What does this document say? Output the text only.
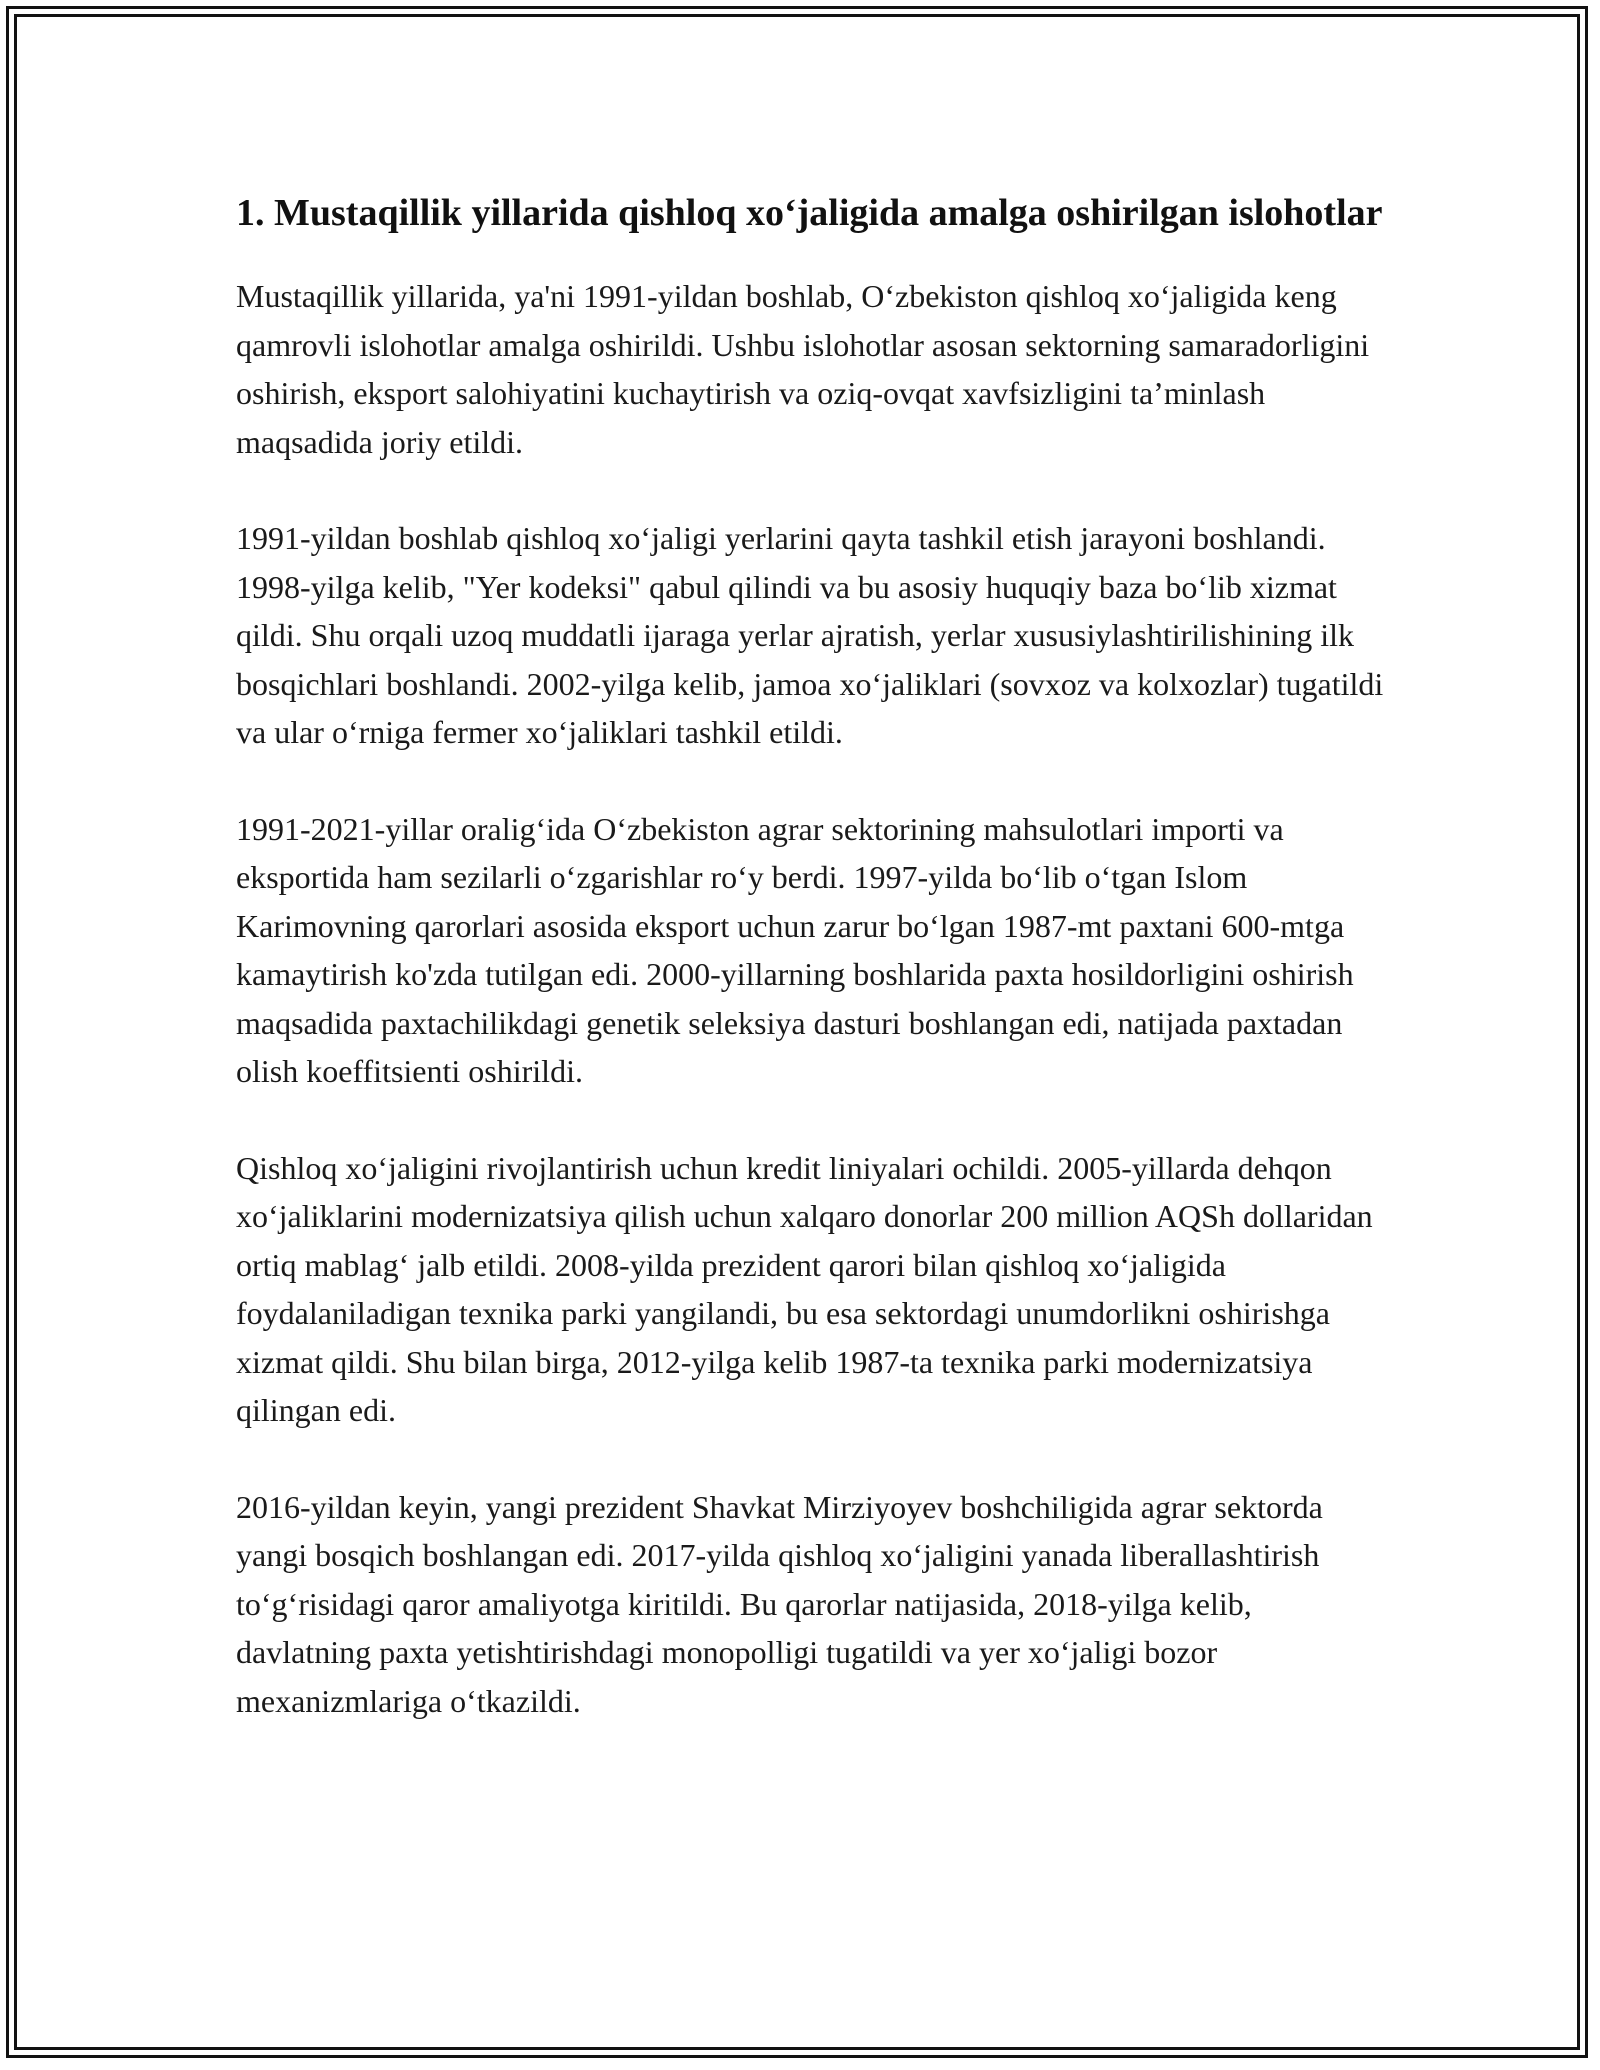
1. Mustaqillik yillarida qishloq xo‘jaligida amalga oshirilgan islohotlar

Mustaqillik yillarida, ya'ni 1991-yildan boshlab, O‘zbekiston qishloq xo‘jaligida keng qamrovli islohotlar amalga oshirildi. Ushbu islohotlar asosan sektorning samaradorligini oshirish, eksport salohiyatini kuchaytirish va oziq-ovqat xavfsizligini ta’minlash maqsadida joriy etildi.

1991-yildan boshlab qishloq xo‘jaligi yerlarini qayta tashkil etish jarayoni boshlandi. 1998-yilga kelib, "Yer kodeksi" qabul qilindi va bu asosiy huquqiy baza bo‘lib xizmat qildi. Shu orqali uzoq muddatli ijaraga yerlar ajratish, yerlar xususiylashtirilishining ilk bosqichlari boshlandi. 2002-yilga kelib, jamoa xo‘jaliklari (sovxoz va kolxozlar) tugatildi va ular o‘rniga fermer xo‘jaliklari tashkil etildi.

1991-2021-yillar oralig‘ida O‘zbekiston agrar sektorining mahsulotlari importi va eksportida ham sezilarli o‘zgarishlar ro‘y berdi. 1997-yilda bo‘lib o‘tgan Islom Karimovning qarorlari asosida eksport uchun zarur bo‘lgan 1987-mt paxtani 600-mtga kamaytirish ko'zda tutilgan edi. 2000-yillarning boshlarida paxta hosildorligini oshirish maqsadida paxtachilikdagi genetik seleksiya dasturi boshlangan edi, natijada paxtadan olish koeffitsienti oshirildi.

Qishloq xo‘jaligini rivojlantirish uchun kredit liniyalari ochildi. 2005-yillarda dehqon xo‘jaliklarini modernizatsiya qilish uchun xalqaro donorlar 200 million AQSh dollaridan ortiq mablag‘ jalb etildi. 2008-yilda prezident qarori bilan qishloq xo‘jaligida foydalaniladigan texnika parki yangilandi, bu esa sektordagi unumdorlikni oshirishga xizmat qildi. Shu bilan birga, 2012-yilga kelib 1987-ta texnika parki modernizatsiya qilingan edi.

2016-yildan keyin, yangi prezident Shavkat Mirziyoyev boshchiligida agrar sektorda yangi bosqich boshlangan edi. 2017-yilda qishloq xo‘jaligini yanada liberallashtirish to‘g‘risidagi qaror amaliyotga kiritildi. Bu qarorlar natijasida, 2018-yilga kelib, davlatning paxta yetishtirishdagi monopolligi tugatildi va yer xo‘jaligi bozor mexanizmlariga o‘tkazildi.
